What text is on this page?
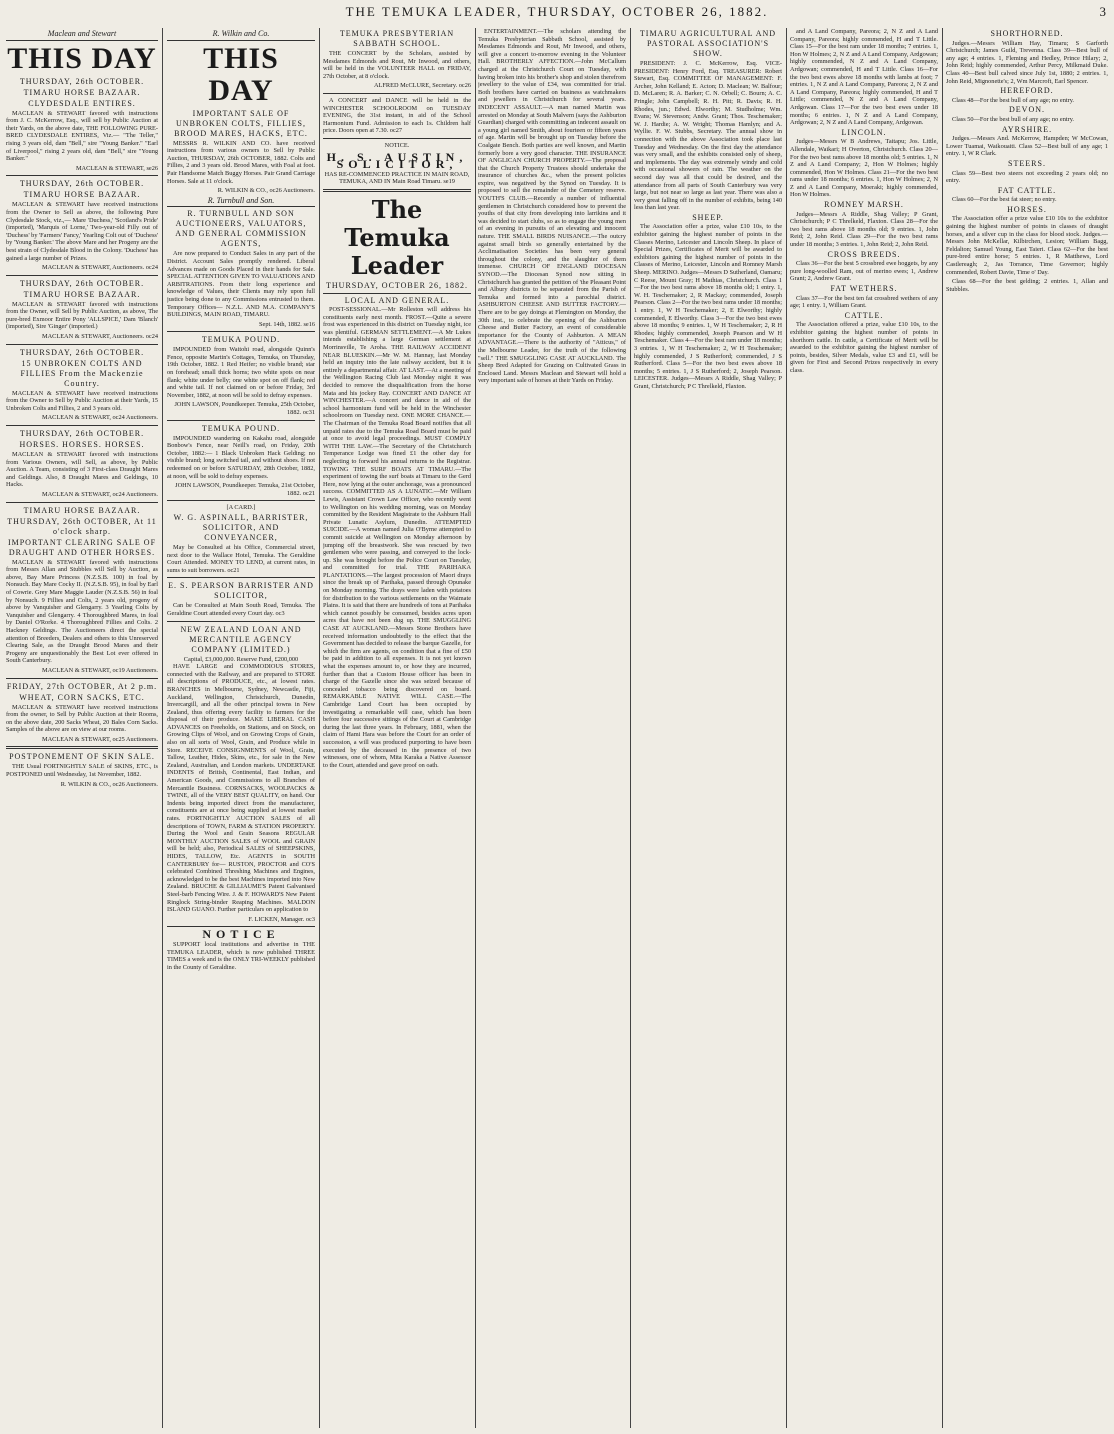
THE TEMUKA LEADER, THURSDAY, OCTOBER 26, 1882.	3
Maclean and Stewart
THIS DAY
THURSDAY, 26th OCTOBER.
TIMARU HORSE BAZAAR.
CLYDESDALE ENTIRES.

MACLEAN & STEWART favored with instructions from J. C. McKerrow, Esq., will sell by Public Auction at their Yards, on the above date, THE FOLLOWING PURE-BRED CLYDESDALE ENTIRES, Viz.— "The Teller," rising 3 years old, dam "Bell," sire "Young Banker." "Earl of Liverpool," rising 2 years old, dam "Bell," sire "Young Banker."

MACLEAN & STEWART, se26
THURSDAY, 26th OCTOBER.
TIMARU HORSE BAZAAR.

MACLEAN & STEWART have received instructions from the Owner to Sell as above, the following Pure Clydesdale Stock, viz.,— Mare 'Duchess,' 'Scotland's Pride' (imported), 'Marquis of Lorne,' Two-year-old Filly out of 'Duchess' by 'Farmers' Fancy,' Yearling Colt out of 'Duchess' by 'Young Banker.' The above Mare and her Progeny are the best strain of Clydesdale Blood in the Colony. 'Duchess' has gained a large number of Prizes.

MACLEAN & STEWART, Auctioneers. oc24
THURSDAY, 26th OCTOBER.
TIMARU HORSE BAZAAR.

MACLEAN & STEWART favored with instructions from the Owner, will Sell by Public Auction, as above, The pure-bred Exmoor Entire Pony 'ALLSPICE,' Dam 'Blanch' (imported), Sire 'Ginger' (imported.)

MACLEAN & STEWART, Auctioneers. oc24
THURSDAY, 26th OCTOBER.
15 UNBROKEN COLTS AND FILLIES From the Mackenzie Country.

MACLEAN & STEWART have received instructions from the Owner to Sell by Public Auction at their Yards, 15 Unbroken Colts and Fillies, 2 and 3 years old.

MACLEAN & STEWART, oc24 Auctioneers.
THURSDAY, 26th OCTOBER.
HORSES. HORSES. HORSES.

MACLEAN & STEWART favored with instructions from Various Owners, will Sell, as above, by Public Auction. A Team, consisting of 3 First-class Draught Mares and Geldings. Also, 8 Draught Mares and Geldings, 10 Hacks.

MACLEAN & STEWART, oc24 Auctioneers.
TIMARU HORSE BAZAAR.
THURSDAY, 26th OCTOBER, At 11 o'clock sharp.
IMPORTANT CLEARING SALE OF DRAUGHT AND OTHER HORSES.

MACLEAN & STEWART favored with instructions from Messrs Allan and Stubbles will Sell by Auction, as above, Bay Mare Princess (N.Z.S.B. 100) in foal by Nonsuch. Bay Mare Cocky II. (N.Z.S.B. 95), in foal by Earl of Cowrie. Grey Mare Maggie Lauder (N.Z.S.B. 56) in foal by Nonsuch. 9 Fillies and Colts, 2 years old, progeny of above by Vanquisher and Glengarry. 3 Yearling Colts by Vanquisher and Glengarry. 4 Thoroughbred Mares, in foal by Daniel O'Rorke. 4 Thoroughbred Fillies and Colts. 2 Hackney Geldings. The Auctioneers direct the special attention of Breeders, Dealers and others to this Unreserved Clearing Sale, as the Draught Brood Mares and their Progeny are unquestionably the Best Lot ever offered in South Canterbury.

MACLEAN & STEWART, oc19 Auctioneers.
FRIDAY, 27th OCTOBER, At 2 p.m.
WHEAT, CORN SACKS, ETC.

MACLEAN & STEWART have received instructions from the owner, to Sell by Public Auction at their Rooms, on the above date, 200 Sacks Wheat, 20 Bales Corn Sacks. Samples of the above are on view at our rooms.

MACLEAN & STEWART, oc25 Auctioneers.
POSTPONEMENT OF SKIN SALE.

THE Usual FORTNIGHTLY SALE of SKINS, ETC., is POSTPONED until Wednesday, 1st November, 1882.

R. WILKIN & CO., oc26 Auctioneers.
R. Wilkin and Co.
THIS DAY
IMPORTANT SALE OF UNBROKEN COLTS, FILLIES, BROOD MARES, HACKS, ETC.

MESSRS R. WILKIN AND CO. have received instructions from various owners to Sell by Public Auction, THURSDAY, 26th OCTOBER, 1882. Colts and Fillies, 2 and 3 years old. Brood Mares, with Foal at foot. Pair Handsome Match Buggy Horses. Pair Grand Carriage Horses. Sale at 11 o'clock.

R. WILKIN & CO., oc26 Auctioneers.
R. Turnbull and Son.
R. TURNBULL AND SON AUCTIONEERS, VALUATORS, AND GENERAL COMMISSION AGENTS,

Are now prepared to Conduct Sales in any part of the District. Account Sales promptly rendered. Liberal Advances made on Goods Placed in their hands for Sale. SPECIAL ATTENTION GIVEN TO VALUATIONS AND ARBITRATIONS. From their long experience and knowledge of Values, their Clients may rely upon full justice being done to any Commissions entrusted to them. Temporary Offices— N.Z.L. AND M.A. COMPANY'S BUILDINGS, MAIN ROAD, TIMARU.

Sept. 14th, 1882. se16
TEMUKA POUND.

IMPOUNDED from Waitohi road, alongside Quinn's Fence, opposite Martin's Cottages, Temuka, on Thursday, 19th October, 1882. 1 Red Heifer; no visible brand; star on forehead; small thick horns; two white spots on near flank; white under belly; one white spot on off flank; red and white tail. If not claimed on or before Friday, 3rd November, 1882, at noon will be sold to defray expenses.

JOHN LAWSON, Poundkeeper. Temuka, 25th October, 1882. oc31
TEMUKA POUND.

IMPOUNDED wandering on Kakahu road, alongside Bonbow's Fence, near Neill's road, on Friday, 20th October, 1882:— 1 Black Unbroken Hack Gelding; no visible brand; long switched tail, and without shoes. If not redeemed on or before SATURDAY, 28th October, 1882, at noon, will be sold to defray expenses.

JOHN LAWSON, Poundkeeper. Temuka, 21st October, 1882. oc21
[A CARD.]
W. G. ASPINALL, BARRISTER, SOLICITOR, AND CONVEYANCER,

May be Consulted at his Office, Commercial street, next door to the Wallace Hotel, Temuka. The Geraldine Court Attended. MONEY TO LEND, at current rates, in sums to suit borrowers. oc21

E. S. PEARSON BARRISTER AND SOLICITOR,

Can be Consulted at Main South Road, Temuka. The Geraldine Court attended every Court day. oc3

NEW ZEALAND LOAN AND MERCANTILE AGENCY COMPANY (LIMITED.)
Capital, £3,000,000. Reserve Fund, £200,000

HAVE LARGE and COMMODIOUS STORES, connected with the Railway, and are prepared to STORE all descriptions of PRODUCE, etc., at lowest rates. BRANCHES in Melbourne, Sydney, Newcastle, Fiji, Auckland, Wellington, Christchurch, Dunedin, Invercargill, and all the other principal towns in New Zealand, thus offering every facility to farmers for the disposal of their produce. MAKE LIBERAL CASH ADVANCES on Freeholds, on Stations, and on Stock, on Growing Clips of Wool, and on Growing Crops of Grain, also on all sorts of Wool, Grain, and Produce while in Store. RECEIVE CONSIGNMENTS of Wool, Grain, Tallow, Leather, Hides, Skins, etc., for sale in the New Zealand, Australian, and London markets. UNDERTAKE INDENTS of British, Continental, East Indian, and American Goods, and Commissions to all Branches of Mercantile Business. CORNSACKS, WOOLPACKS & TWINE, all of the VERY BEST QUALITY, on hand. Our Indents being imported direct from the manufacturer, constituents are at once being supplied at lowest market rates. FORTNIGHTLY AUCTION SALES of all descriptions of TOWN, FARM & STATION PROPERTY. During the Wool and Grain Seasons REGULAR MONTHLY AUCTION SALES of WOOL and GRAIN will be held; also, Periodical SALES of SHEEPSKINS, HIDES, TALLOW, Etc. AGENTS in SOUTH CANTERBURY for— RUSTON, PROCTOR and CO'S celebrated Combined Threshing Machines and Engines, acknowledged to be the best Machines imported into New Zealand. BRUCHE & GILLIAUME'S Patent Galvanised Steel-barb Fencing Wire. J. & F. HOWARD'S New Patent Ringlock String-binder Reaping Machines. MALDON ISLAND GUANO. Further particulars on application to

F. LICKEN, Manager. oc3
NOTICE

SUPPORT local institutions and advertise in THE TEMUKA LEADER, which is now published THREE TIMES a week and is the ONLY TRI-WEEKLY published in the County of Geraldine.

TEMUKA PRESBYTERIAN SABBATH SCHOOL.

THE CONCERT by the Scholars, assisted by Mesdames Edmonds and Rout, Mr Inwood, and others, will be held in the VOLUNTEER HALL on FRIDAY, 27th October, at 8 o'clock.

ALFRED McCLURE, Secretary. oc26

A CONCERT and DANCE will be held in the WINCHESTER SCHOOLROOM on TUESDAY EVENING, the 31st instant, in aid of the School Harmonium Fund. Admission to each 1s. Children half price. Doors open at 7.30. oc27

NOTICE.
H. S. AUSTIN, SOLICITOR,

HAS RE-COMMENCED PRACTICE IN MAIN ROAD, TEMUKA, AND IN Main Road Timaru. se19

The Temuka Leader
THURSDAY, OCTOBER 26, 1882.
LOCAL AND GENERAL.

POST-SESSIONAL.—Mr Rolleston will address his constituents early next month. FROST.—Quite a severe frost was experienced in this district on Tuesday night, ice was plentiful. GERMAN SETTLEMENT.—A Mr Lukes intends establishing a large German settlement at Morrinsville, Te Aroha. THE RAILWAY ACCIDENT NEAR BLUESKIN.—Mr W. M. Hannay, last Monday held an inquiry into the late railway accident, but it is entirely a departmental affair. AT LAST.—At a meeting of the Wellington Racing Club last Monday night it was decided to remove the disqualification from the horse Mata and his jockey Ray. CONCERT AND DANCE AT WINCHESTER.—A concert and dance in aid of the school harmonium fund will be held in the Winchester schoolroom on Tuesday next. ONE MORE CHANCE.—The Chairman of the Temuka Road Board notifies that all unpaid rates due to the Temuka Road Board must be paid at once to avoid legal proceedings. MUST COMPLY WITH THE LAW.—The Secretary of the Christchurch Temperance Lodge was fined £1 the other day for neglecting to forward his annual returns to the Registrar. TOWING THE SURF BOATS AT TIMARU.—The experiment of towing the surf boats at Timaru to the Gerd Here, now lying at the outer anchorage, was a pronounced success. COMMITTED AS A LUNATIC.—Mr William Lewis, Assistant Crown Law Officer, who recently went to Wellington on his wedding morning, was on Monday committed by the Resident Magistrate to the Ashburn Hall Private Lunatic Asylum, Dunedin. ATTEMPTED SUICIDE.—A woman named Julia O'Byrne attempted to commit suicide at Wellington on Monday afternoon by jumping off the breastwork. She was rescued by two gentlemen who were passing, and conveyed to the lock-up. She was brought before the Police Court on Tuesday, and committed for trial. THE PARIHAKA PLANTATIONS.—The largest procession of Maori drays since the break up of Parihaka, passed through Opunake on Monday morning. The drays were laden with potatoes for distribution to the various settlements on the Waimate Plains. It is said that there are hundreds of tons at Parihaka which cannot possibly be consumed, besides acres upon acres that have not been dug up. THE SMUGGLING CASE AT AUCKLAND.—Messrs Stone Brothers have received information undoubtedly to the effect that the Government has decided to release the barque Gazelle, for which the firm are agents, on condition that a fine of £50 be paid in addition to all expenses. It is not yet known what the expenses amount to, or how they are incurred, further than that a Custom House officer has been in charge of the Gazelle since she was seized because of concealed tobacco being discovered on board. REMARKABLE NATIVE WILL CASE.—The Cambridge Land Court has been occupied by investigating a remarkable will case, which has been before four successive sittings of the Court at Cambridge during the last three years. In February, 1881, when the claim of Hami Hara was before the Court for an order of succession, a will was produced purporting to have been executed by the deceased in the presence of two witnesses, one of whom, Mita Karaka a Native Assessor to the Court, attended and gave proof on oath.

ENTERTAINMENT.—The scholars attending the Temuka Presbyterian Sabbath School, assisted by Mesdames Edmonds and Rout, Mr Inwood, and others, will give a concert to-morrow evening in the Volunteer Hall. BROTHERLY AFFECTION.—John McCallum charged at the Christchurch Court on Tuesday, with having broken into his brother's shop and stolen therefrom jewellery to the value of £34, was committed for trial. Both brothers have carried on business as watchmakers and jewellers in Christchurch for several years. INDECENT ASSAULT.—A man named Martin was arrested on Monday at South Malvern (says the Ashburton Guardian) charged with committing an indecent assault on a young girl named Smith, about fourteen or fifteen years of age. Martin will be brought up on Tuesday before the Coalgate Bench. Both parties are well known, and Martin formerly bore a very good character. THE INSURANCE OF ANGLICAN CHURCH PROPERTY.—The proposal that the Church Property Trustees should undertake the insurance of churches &c., when the present policies expire, was negatived by the Synod on Tuesday. It is proposed to sell the remainder of the Cemetery reserve. YOUTH'S CLUB.—Recently a number of influential gentlemen in Christchurch considered how to prevent the youths of that city from developing into larrikins and it was decided to start clubs, so as to engage the young men of an evening in pursuits of an elevating and innocent nature. THE SMALL BIRDS NUISANCE.—The outcry against small birds so generally entertained by the Acclimatisation Societies has been very general throughout the colony, and the slaughter of them immense. CHURCH OF ENGLAND DIOCESAN SYNOD.—The Diocesan Synod now sitting in Christchurch has granted the petition of 'the Pleasant Point and Albury districts to be separated from the Parish of Temuka and formed into a parochial district. ASHBURTON CHEESE AND BUTTER FACTORY.—There are to be gay doings at Flemington on Monday, the 30th inst., to celebrate the opening of the Ashburton Cheese and Butter Factory, an event of considerable importance for the County of Ashburton. A MEAN ADVANTAGE.—There is the authority of "Atticus," of the Melbourne Leader, for the truth of the following "sell." THE SMUGGLING CASE AT AUCKLAND. The Sheep Bred Adapted for Grazing on Cultivated Grass in Enclosed Land. Messrs Maclean and Stewart will hold a very important sale of horses at their Yards on Friday.

TIMARU AGRICULTURAL AND PASTORAL ASSOCIATION'S SHOW.

PRESIDENT: J. C. McKerrow, Esq. VICE-PRESIDENT: Henry Ford, Esq. TREASURER: Robert Stewart, Esq. COMMITTEE OF MANAGEMENT: F. Archer, John Kelland; E. Acton; D. Maclean; W. Balfour; D. McLaren; R. A. Barker; C. N. Orbell; C. Bourn; A. C. Pringle; John Campbell; R. H. Pitt; R. Davis; R. H. Rhodes, jun.; Edwd. Elworthy; M. Studholme; Wm. Evans; W. Stevenson; Andw. Grant; Thos. Teschemaker; W. J. Hardie; A. W. Wright; Thomas Hamlyn; and A. Wyllie. F. W. Stubbs, Secretary. The annual show in connection with the above Association took place last Tuesday and Wednesday. On the first day the attendance was very small, and the exhibits consisted only of sheep, and implements. The day was extremely windy and cold with occasional showers of rain. The weather on the second day was all that could be desired, and the attendance from all parts of South Canterbury was very large, but not near so large as last year. There was also a very great falling off in the number of exhibits, being 140 less than last year.

SHEEP.

The Association offer a prize, value £10 10s, to the exhibitor gaining the highest number of points in the Classes Merino, Leicester and Lincoln Sheep. In place of Special Prizes, Certificates of Merit will be awarded to exhibitors gaining the highest number of points in the Classes of Merino, Leicester, Lincoln and Romney Marsh Sheep. MERINO. Judges—Messrs D Sutherland, Oamaru; C Reese, Mount Gray; H Mathias, Christchurch. Class 1—For the two best rams above 18 months old; 1 entry. 1, W. H. Teschemaker; 2, R Mackay; commended, Joseph Pearson. Class 2—For the two best rams under 18 months; 1 entry. 1, W H Teschemaker; 2, E Elworthy; highly commended, E Elworthy. Class 3—For the two best ewes above 18 months; 9 entries. 1, W H Teschemaker; 2, R H Rhodes; highly commended, Joseph Pearson and W H Teschemaker. Class 4—For the best ram under 18 months; 3 entries. 1, W H Teschemaker; 2, W H Teschemaker; highly commended, J S Rutherford; commended, J S Rutherford. Class 5—For the two best ewes above 18 months; 5 entries. 1, J S Rutherford; 2, Joseph Pearson. LEICESTER. Judges—Messrs A Riddle, Shag Valley; P Grant, Christchurch; P C Threlkeld, Flaxton.

and A Land Company, Pareora; 2, N Z and A Land Company, Pareora; highly commended, H and T Little. Class 15—For the best ram under 18 months; 7 entries. 1, Hon W Holmes; 2, N Z and A Land Company, Ardgowan; highly commended, N Z and A Land Company, Ardgowan; commended, H and T Little. Class 16—For the two best ewes above 18 months with lambs at foot; 7 entries. 1, N Z and A Land Company, Pareora; 2, N Z and A Land Company, Pareora; highly commended, H and T Little; commended, N Z and A Land Company, Ardgowan. Class 17—For the two best ewes under 18 months; 6 entries. 1, N Z and A Land Company, Ardgowan; 2, N Z and A Land Company, Ardgowan.

LINCOLN.

Judges—Messrs W B Andrews, Taitapu; Jos. Little, Allendale, Waikari; H Overton, Christchurch. Class 20—For the two best rams above 18 months old; 5 entries. 1, N Z and A Land Company; 2, Hon W Holmes; highly commended, Hon W Holmes. Class 21—For the two best rams under 18 months; 6 entries. 1, Hon W Holmes; 2, N Z and A Land Company, Moeraki; highly commended, Hon W Holmes.

ROMNEY MARSH.

Judges—Messrs A Riddle, Shag Valley; P Grant, Christchurch; P C Threlkeld, Flaxton. Class 28—For the two best rams above 18 months old; 9 entries. 1, John Reid; 2, John Reid. Class 29—For the two best rams under 18 months; 3 entries. 1, John Reid; 2, John Reid.

CROSS BREEDS.

Class 36—For the best 5 crossbred ewe hoggets, by any pure long-woolled Ram, out of merino ewes; 1, Andrew Grant; 2, Andrew Grant.

FAT WETHERS.

Class 37—For the best ten fat crossbred wethers of any age; 1 entry. 1, William Grant.

CATTLE.

The Association offered a prize, value £10 10s, to the exhibitor gaining the highest number of points in shorthorn cattle. In cattle, a Certificate of Merit will be awarded to the exhibitor gaining the highest number of points, besides, Silver Medals, value £3 and £1, will be given for First and Second Prizes respectively in every class.

SHORTHORNED.

Judges.—Messrs William Hay, Timaru; S Garforth Christchurch; James Guild, Trevenna. Class 39—Best bull of any age; 4 entries. 1, Fleming and Hedley, Prince Hilary; 2, John Reid; highly commended, Arthur Percy, Milkmaid Duke. Class 40—Best bull calved since July 1st, 1880; 2 entries. 1, John Reid, Mignonette's; 2, Wm Marcroft, Earl Spencer.

HEREFORD.

Class 48—For the best bull of any age; no entry.

DEVON.

Class 50—For the best bull of any age; no entry.

AYRSHIRE.

Judges.—Messrs And. McKerrow, Hampden; W McCowan, Lower Tuamai, Waikouaiti. Class 52—Best bull of any age; 1 entry. 1, W R Clark.

STEERS.

Class 59—Best two steers not exceeding 2 years old; no entry.

FAT CATTLE.

Class 60—For the best fat steer; no entry.

HORSES.

The Association offer a prize value £10 10s to the exhibitor gaining the highest number of points in classes of draught horses, and a silver cup in the class for blood stock. Judges.—Messrs John McKellar, Kilbirchen, Lesion; William Bagg, Feldalton; Samuel Young, East Taieri. Class 62—For the best pure-bred entire horse; 5 entries. 1, R Matthews, Lord Castlereagh; 2, Jas Torrance, Time Governor; highly commended, Robert Davie, Time o' Day.

Class 68—For the best gelding; 2 entries. 1, Allan and Stubbles.
